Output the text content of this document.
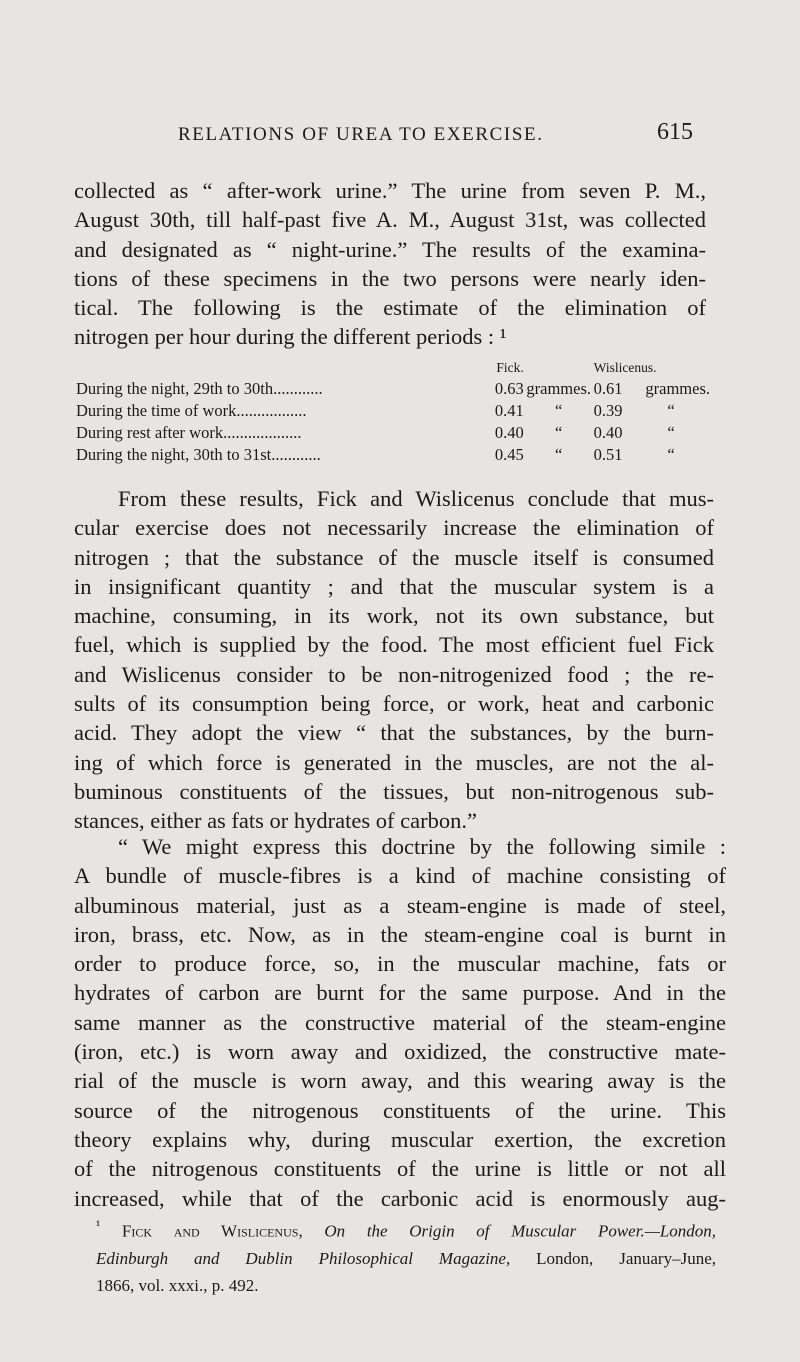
RELATIONS OF UREA TO EXERCISE.	615
collected as “ after-work urine.” The urine from seven P. M.,
August 30th, till half-past five A. M., August 31st, was collected
and designated as “ night-urine.” The results of the examina-
tions of these specimens in the two persons were nearly iden-
tical. The following is the estimate of the elimination of
nitrogen per hour during the different periods : ¹
	Fick.		Wislicenus.	
During the night, 29th to 30th............	0.63	grammes.	0.61	grammes.
During the time of work.................	0.41	“	0.39	“
During rest after work...................	0.40	“	0.40	“
During the night, 30th to 31st............	0.45	“	0.51	“
From these results, Fick and Wislicenus conclude that mus-
cular exercise does not necessarily increase the elimination of
nitrogen ; that the substance of the muscle itself is consumed
in insignificant quantity ; and that the muscular system is a
machine, consuming, in its work, not its own substance, but
fuel, which is supplied by the food. The most efficient fuel Fick
and Wislicenus consider to be non-nitrogenized food ; the re-
sults of its consumption being force, or work, heat and carbonic
acid. They adopt the view “ that the substances, by the burn-
ing of which force is generated in the muscles, are not the al-
buminous constituents of the tissues, but non-nitrogenous sub-
stances, either as fats or hydrates of carbon.”
“ We might express this doctrine by the following simile :
A bundle of muscle-fibres is a kind of machine consisting of
albuminous material, just as a steam-engine is made of steel,
iron, brass, etc. Now, as in the steam-engine coal is burnt in
order to produce force, so, in the muscular machine, fats or
hydrates of carbon are burnt for the same purpose. And in the
same manner as the constructive material of the steam-engine
(iron, etc.) is worn away and oxidized, the constructive mate-
rial of the muscle is worn away, and this wearing away is the
source of the nitrogenous constituents of the urine. This
theory explains why, during muscular exertion, the excretion
of the nitrogenous constituents of the urine is little or not all
increased, while that of the carbonic acid is enormously aug-
$^{^1}$ Fick and Wislicenus, On the Origin of Muscular Power.—London,
Edinburgh and Dublin Philosophical Magazine, London, January–June,
1866, vol. xxxi., p. 492.
